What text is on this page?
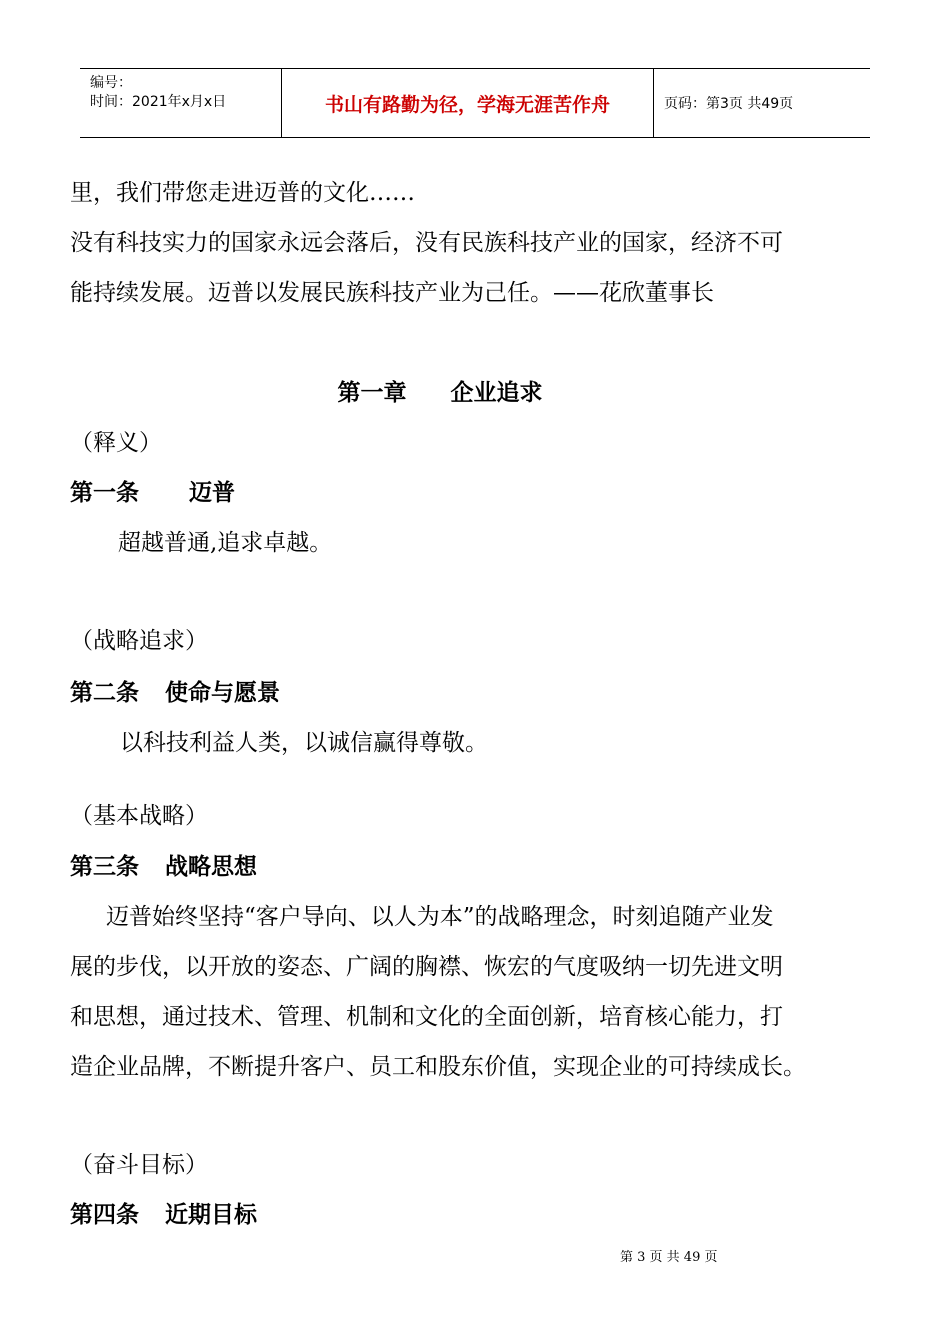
编号：
时间：2021年x月x日	书山有路勤为径，学海无涯苦作舟	页码：第3页 共49页
里，我们带您走进迈普的文化……
没有科技实力的国家永远会落后，没有民族科技产业的国家，经济不可
能持续发展。迈普以发展民族科技产业为己任。——花欣董事长
第一章 企业追求
（释义）
第一条 迈普
超越普通,追求卓越。
（战略追求）
第二条 使命与愿景
以科技利益人类，以诚信赢得尊敬。
（基本战略）
第三条 战略思想
迈普始终坚持“客户导向、以人为本”的战略理念，时刻追随产业发
展的步伐，以开放的姿态、广阔的胸襟、恢宏的气度吸纳一切先进文明
和思想，通过技术、管理、机制和文化的全面创新，培育核心能力，打
造企业品牌，不断提升客户、员工和股东价值，实现企业的可持续成长。
（奋斗目标）
第四条 近期目标
第 3 页 共 49 页
